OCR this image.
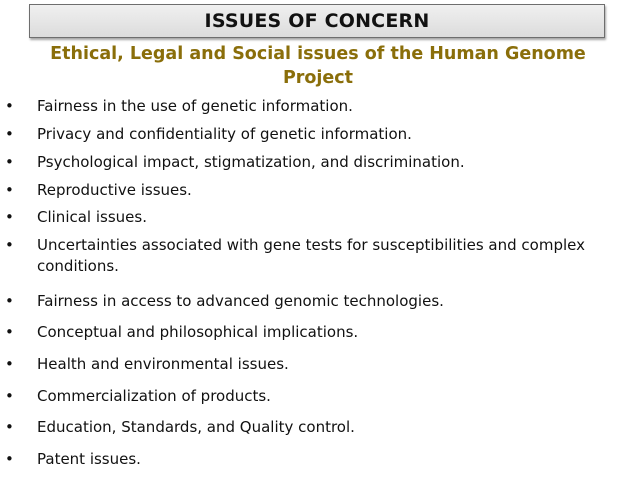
ISSUES OF CONCERN
Ethical, Legal and Social issues of the Human Genome Project
•	Fairness in the use of genetic information.
•	Privacy and confidentiality of genetic information.
•	Psychological impact, stigmatization, and discrimination.
•	Reproductive issues.
•	Clinical issues.
•	Uncertainties associated with gene tests for susceptibilities and complex conditions.
•	Fairness in access to advanced genomic technologies.
•	Conceptual and philosophical implications.
•	Health and environmental issues.
•	Commercialization of products.
•	Education, Standards, and Quality control.
•	Patent issues.
